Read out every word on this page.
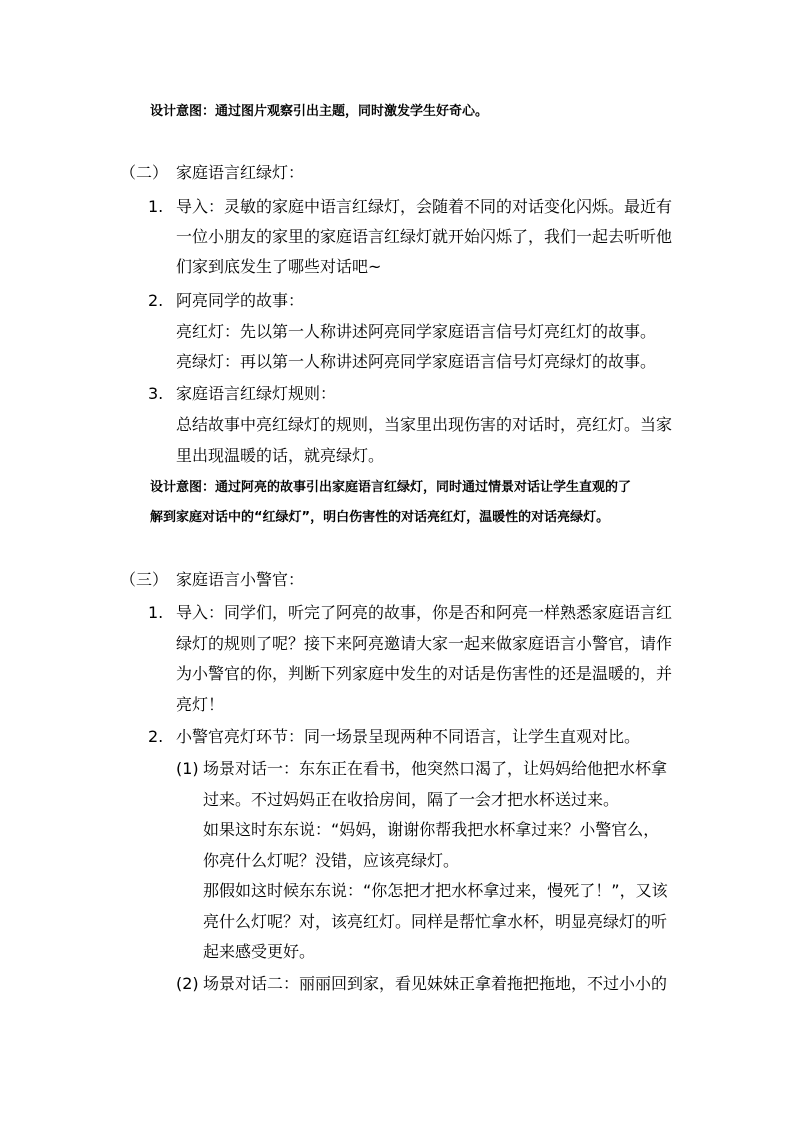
设计意图：通过图片观察引出主题，同时激发学生好奇心。
（二） 家庭语言红绿灯：
1. 导入：灵敏的家庭中语言红绿灯，会随着不同的对话变化闪烁。最近有
一位小朋友的家里的家庭语言红绿灯就开始闪烁了，我们一起去听听他
们家到底发生了哪些对话吧~
2. 阿亮同学的故事：
亮红灯：先以第一人称讲述阿亮同学家庭语言信号灯亮红灯的故事。
亮绿灯：再以第一人称讲述阿亮同学家庭语言信号灯亮绿灯的故事。
3. 家庭语言红绿灯规则：
总结故事中亮红绿灯的规则，当家里出现伤害的对话时，亮红灯。当家
里出现温暖的话，就亮绿灯。
设计意图：通过阿亮的故事引出家庭语言红绿灯，同时通过情景对话让学生直观的了
解到家庭对话中的“红绿灯”，明白伤害性的对话亮红灯，温暖性的对话亮绿灯。
（三） 家庭语言小警官：
1. 导入：同学们，听完了阿亮的故事，你是否和阿亮一样熟悉家庭语言红
绿灯的规则了呢？接下来阿亮邀请大家一起来做家庭语言小警官，请作
为小警官的你，判断下列家庭中发生的对话是伤害性的还是温暖的，并
亮灯！
2. 小警官亮灯环节：同一场景呈现两种不同语言，让学生直观对比。
(1) 场景对话一：东东正在看书，他突然口渴了，让妈妈给他把水杯拿
过来。不过妈妈正在收拾房间，隔了一会才把水杯送过来。
如果这时东东说：“妈妈，谢谢你帮我把水杯拿过来？小警官么，
你亮什么灯呢？没错，应该亮绿灯。
那假如这时候东东说：“你怎把才把水杯拿过来，慢死了！”，又该
亮什么灯呢？对，该亮红灯。同样是帮忙拿水杯，明显亮绿灯的听
起来感受更好。
(2) 场景对话二：丽丽回到家，看见妹妹正拿着拖把拖地，不过小小的
